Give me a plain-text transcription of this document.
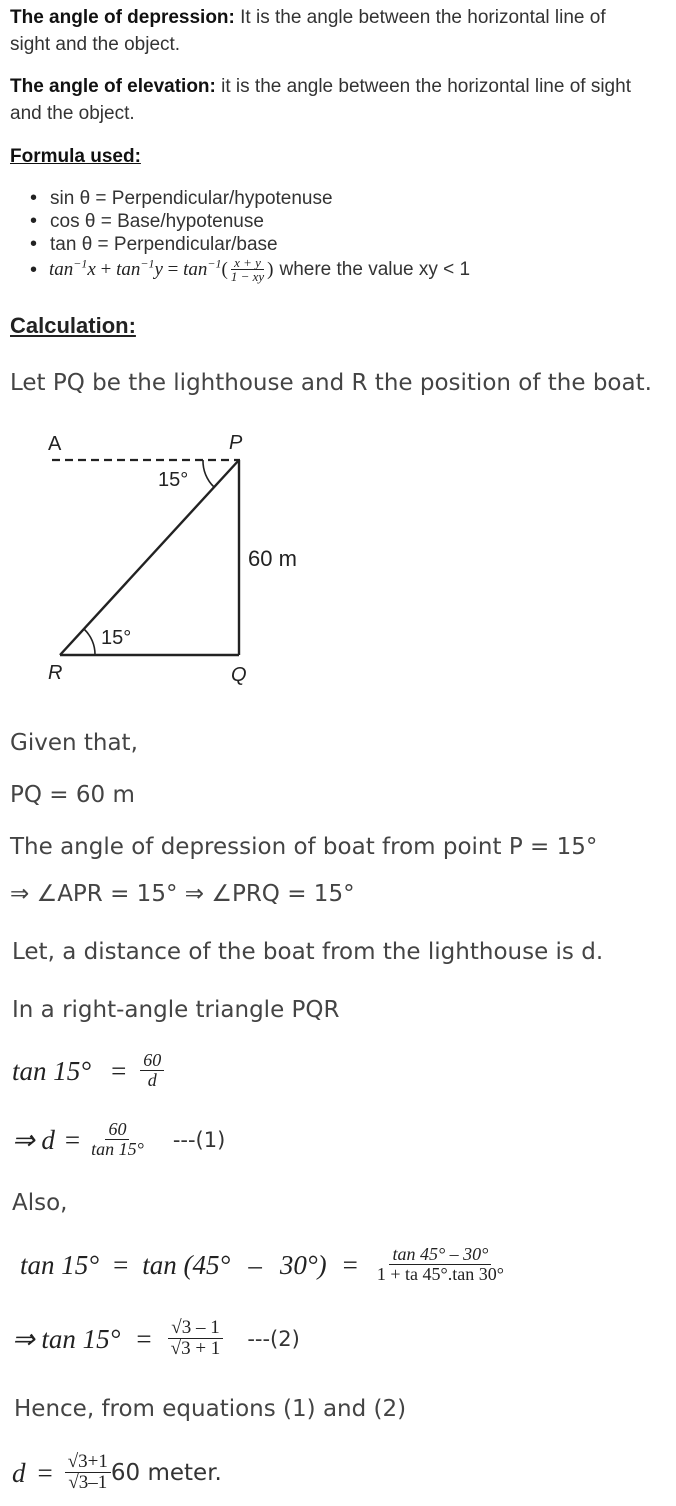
The angle of depression: It is the angle between the horizontal line of
sight and the object.
The angle of elevation: it is the angle between the horizontal line of sight
and the object.
Formula used:
• sin θ = Perpendicular/hypotenuse
• cos θ = Base/hypotenuse
• tan θ = Perpendicular/base
• $\tan^{-1}x + \tan^{-1}y = \tan^{-1}( \frac{x + y}{1 - xy}$ ) where the value xy < 1
Calculation:
Let PQ be the lighthouse and R the position of the boat.
A	P
15°
60 m
15°
R	Q
Given that,
PQ = 60 m
The angle of depression of boat from point P = 15°
⇒ ∠APR = 15° ⇒ ∠PRQ = 15°
Let, a distance of the boat from the lighthouse is d.
In a right-angle triangle PQR
$\tan 15^\circ = \frac{60}{d}$
⇒ $d = \frac{60}{\tan 15^\circ} ---(1)$
Also,
$\tan 15^\circ = \tan (45^\circ - 30^\circ) = \frac{\tan 45^\circ - 30^\circ}{1 + ta 45^\circ.\tan 30^\circ}$
⇒ $\tan 15^\circ = \frac{√3 - 1}{√3 + 1} ---(2)$
Hence, from equations (1) and (2)
$d = \frac{√3+1}{√3-1} 60$ meter.
